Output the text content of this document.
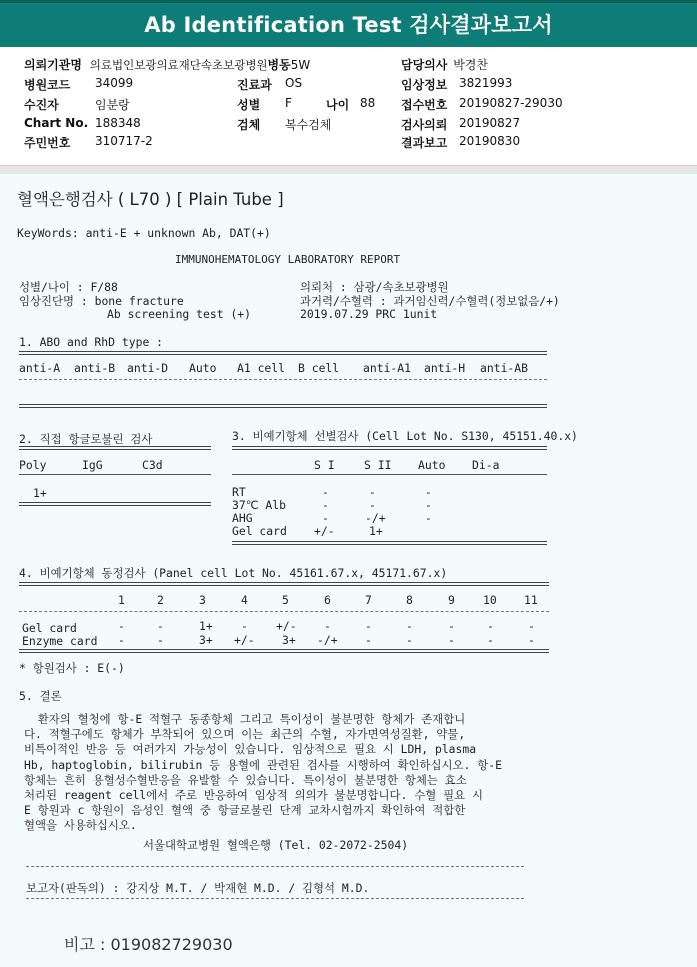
Ab Identification Test 검사결과보고서
의뢰기관명 의료법인보광의료재단속초보광병원병동5W	담당의사 박경찬
병원코드 34099	진료과 OS	임상정보 3821993
수진자	임분랑	성별 F	나이 88 접수번호 20190827-29030
Chart No. 188348	검체 복수검체	검사의뢰 20190827
주민번호 310717-2	결과보고 20190830
혈액은행검사 ( L70 ) [ Plain Tube ]
KeyWords: anti-E + unknown Ab, DAT(+)
IMMUNOHEMATOLOGY LABORATORY REPORT
성별/나이 : F/88
임상진단명 : bone fracture
Ab screening test (+)
의뢰처 : 삼광/속초보광병원
과거력/수혈력 : 과거임신력/수혈력(정보없음/+)
2019.07.29 PRC 1unit
1. ABO and RhD type :
anti-A anti-B anti-D Auto A1 cell B cell anti-A1 anti-H anti-AB
2. 직접 항글로불린 검사
Poly	IgG	C3d
1+
3. 비예기항체 선별검사 (Cell Lot No. S130, 45151.40.x)
S I	S II Auto Di-a
RT	-	-	-
37℃ Alb	-	-	-
AHG	-	-/+	-
Gel card +/-	1+
4. 비예기항체 동정검사 (Panel cell Lot No. 45161.67.x, 45171.67.x)
1	2	3	4	5	6	7	8	9 10 11
Gel card	-	-	1+ - +/- -	-	-	-	-	-
Enzyme card -	-	3+ +/- 3+ -/+ -	-	-	-	-
* 항원검사 : E(-)
5. 결론
환자의 혈청에 항-E 적혈구 동종항체 그리고 특이성이 불분명한 항체가 존재합니
다. 적혈구에도 항체가 부착되어 있으며 이는 최근의 수혈, 자가면역성질환, 약물,
비특이적인 반응 등 여러가지 가능성이 있습니다. 임상적으로 필요 시 LDH, plasma
Hb, haptoglobin, bilirubin 등 용혈에 관련된 검사를 시행하여 확인하십시오. 항-E
항체는 흔히 용혈성수혈반응을 유발할 수 있습니다. 특이성이 불분명한 항체는 효소
처리된 reagent cell에서 주로 반응하여 임상적 의의가 불분명합니다. 수혈 필요 시
E 항원과 c 항원이 음성인 혈액 중 항글로불린 단계 교차시험까지 확인하여 적합한
혈액을 사용하십시오.
서울대학교병원 혈액은행 (Tel. 02-2072-2504)
보고자(판독의) : 강지상 M.T. / 박재현 M.D. / 김형석 M.D.
비고 : 019082729030
